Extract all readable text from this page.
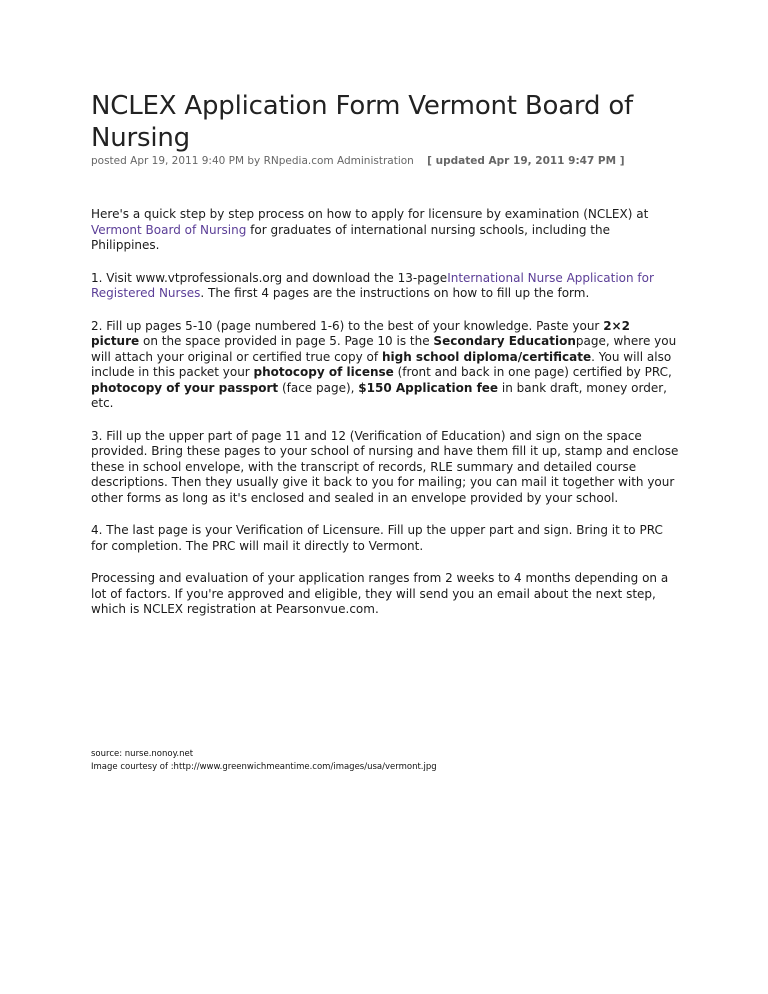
NCLEX Application Form Vermont Board of Nursing
posted Apr 19, 2011 9:40 PM by RNpedia.com Administration [ updated Apr 19, 2011 9:47 PM ]

Here's a quick step by step process on how to apply for licensure by examination (NCLEX) at Vermont Board of Nursing for graduates of international nursing schools, including the Philippines.

1. Visit www.vtprofessionals.org and download the 13-pageInternational Nurse Application for Registered Nurses. The first 4 pages are the instructions on how to fill up the form.

2. Fill up pages 5-10 (page numbered 1-6) to the best of your knowledge. Paste your 2×2 picture on the space provided in page 5. Page 10 is the Secondary Educationpage, where you will attach your original or certified true copy of high school diploma/certificate. You will also include in this packet your photocopy of license (front and back in one page) certified by PRC, photocopy of your passport (face page), $150 Application fee in bank draft, money order, etc.

3. Fill up the upper part of page 11 and 12 (Verification of Education) and sign on the space provided. Bring these pages to your school of nursing and have them fill it up, stamp and enclose these in school envelope, with the transcript of records, RLE summary and detailed course descriptions. Then they usually give it back to you for mailing; you can mail it together with your other forms as long as it's enclosed and sealed in an envelope provided by your school.

4. The last page is your Verification of Licensure. Fill up the upper part and sign. Bring it to PRC for completion. The PRC will mail it directly to Vermont.

Processing and evaluation of your application ranges from 2 weeks to 4 months depending on a lot of factors. If you're approved and eligible, they will send you an email about the next step, which is NCLEX registration at Pearsonvue.com.

source: nurse.nonoy.net
Image courtesy of :http://www.greenwichmeantime.com/images/usa/vermont.jpg
